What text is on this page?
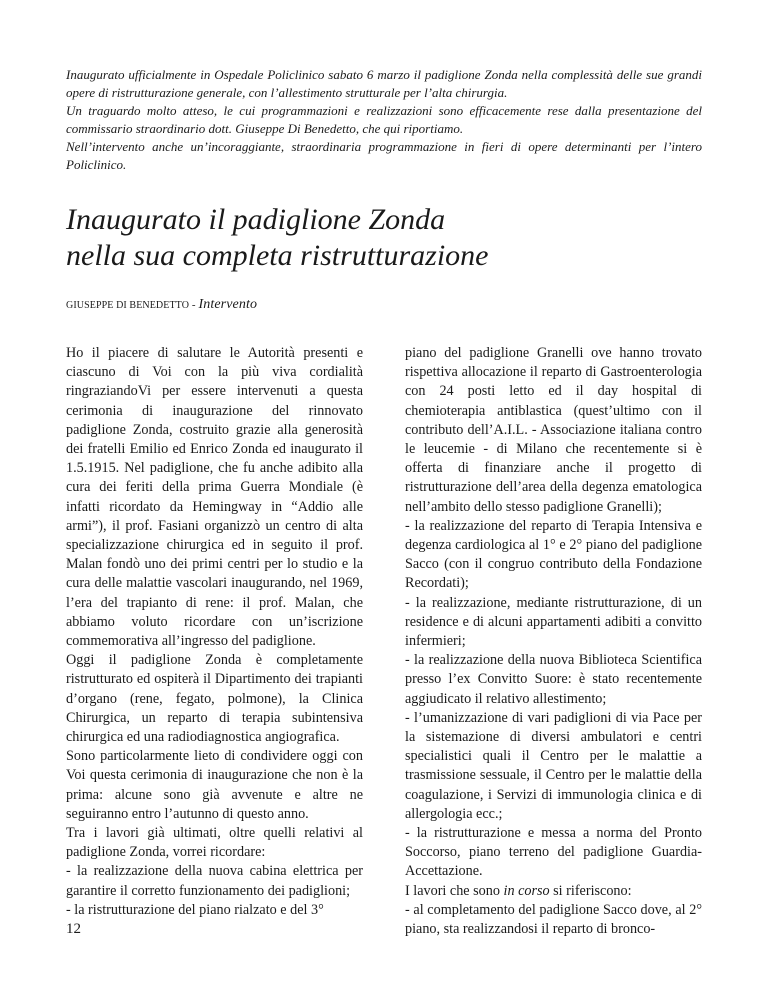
Inaugurato ufficialmente in Ospedale Policlinico sabato 6 marzo il padiglione Zonda nella complessità delle sue grandi opere di ristrutturazione generale, con l’allestimento strutturale per l’alta chirurgia.

Un traguardo molto atteso, le cui programmazioni e realizzazioni sono efficacemente rese dalla presentazione del commissario straordinario dott. Giuseppe Di Benedetto, che qui riportiamo.

Nell’intervento anche un’incoraggiante, straordinaria programmazione in fieri di opere determinanti per l’intero Policlinico.

Inaugurato il padiglione Zonda
nella sua completa ristrutturazione
GIUSEPPE DI BENEDETTO - Intervento

Ho il piacere di salutare le Autorità presenti e ciascuno di Voi con la più viva cordialità ringraziandoVi per essere intervenuti a questa cerimonia di inaugurazione del rinnovato padiglione Zonda, costruito grazie alla generosità dei fratelli Emilio ed Enrico Zonda ed inaugurato il 1.5.1915. Nel padiglione, che fu anche adibito alla cura dei feriti della prima Guerra Mondiale (è infatti ricordato da Hemingway in “Addio alle armi”), il prof. Fasiani organizzò un centro di alta specializzazione chirurgica ed in seguito il prof. Malan fondò uno dei primi centri per lo studio e la cura delle malattie vascolari inaugurando, nel 1969, l’era del trapianto di rene: il prof. Malan, che abbiamo voluto ricordare con un’iscrizione commemorativa all’ingresso del padiglione.

Oggi il padiglione Zonda è completamente ristrutturato ed ospiterà il Dipartimento dei trapianti d’organo (rene, fegato, polmone), la Clinica Chirurgica, un reparto di terapia subintensiva chirurgica ed una radiodiagnostica angiografica.

Sono particolarmente lieto di condividere oggi con Voi questa cerimonia di inaugurazione che non è la prima: alcune sono già avvenute e altre ne seguiranno entro l’autunno di questo anno.

Tra i lavori già ultimati, oltre quelli relativi al padiglione Zonda, vorrei ricordare:

- la realizzazione della nuova cabina elettrica per garantire il corretto funzionamento dei padiglioni;

- la ristrutturazione del piano rialzato e del 3°

piano del padiglione Granelli ove hanno trovato rispettiva allocazione il reparto di Gastroenterologia con 24 posti letto ed il day hospital di chemioterapia antiblastica (quest’ultimo con il contributo dell’A.I.L. - Associazione italiana contro le leucemie - di Milano che recentemente si è offerta di finanziare anche il progetto di ristrutturazione dell’area della degenza ematologica nell’ambito dello stesso padiglione Granelli);

- la realizzazione del reparto di Terapia Intensiva e degenza cardiologica al 1° e 2° piano del padiglione Sacco (con il congruo contributo della Fondazione Recordati);

- la realizzazione, mediante ristrutturazione, di un residence e di alcuni appartamenti adibiti a convitto infermieri;

- la realizzazione della nuova Biblioteca Scientifica presso l’ex Convitto Suore: è stato recentemente aggiudicato il relativo allestimento;

- l’umanizzazione di vari padiglioni di via Pace per la sistemazione di diversi ambulatori e centri specialistici quali il Centro per le malattie a trasmissione sessuale, il Centro per le malattie della coagulazione, i Servizi di immunologia clinica e di allergologia ecc.;

- la ristrutturazione e messa a norma del Pronto Soccorso, piano terreno del padiglione Guardia-Accettazione.

I lavori che sono in corso si riferiscono:

- al completamento del padiglione Sacco dove, al 2° piano, sta realizzandosi il reparto di bronco-

12
